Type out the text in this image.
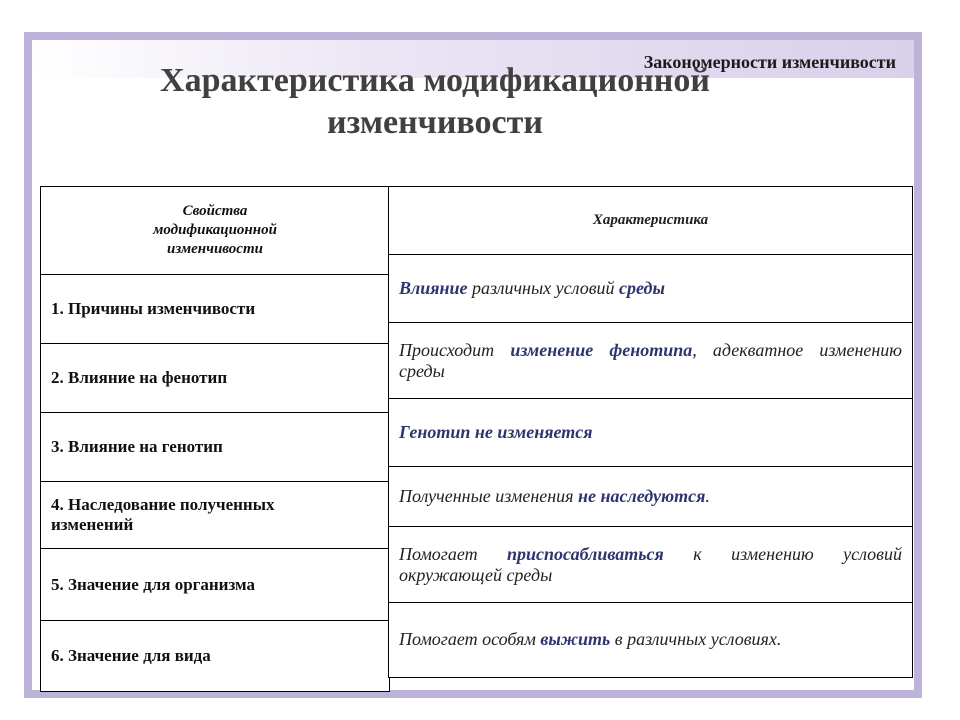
Закономерности изменчивости
Характеристика модификационной
изменчивости
Свойства
модификационной
изменчивости
1. Причины изменчивости
2. Влияние на фенотип
3. Влияние на генотип
4. Наследование полученных изменений
5. Значение для организма
6. Значение для вида
Характеристика
Влияние различных условий среды
Происходит изменение фенотипа, адекватное изменению среды
Генотип не изменяется
Полученные изменения не наследуются.
Помогает приспосабливаться к изменению условий окружающей среды
Помогает особям выжить в различных условиях.
